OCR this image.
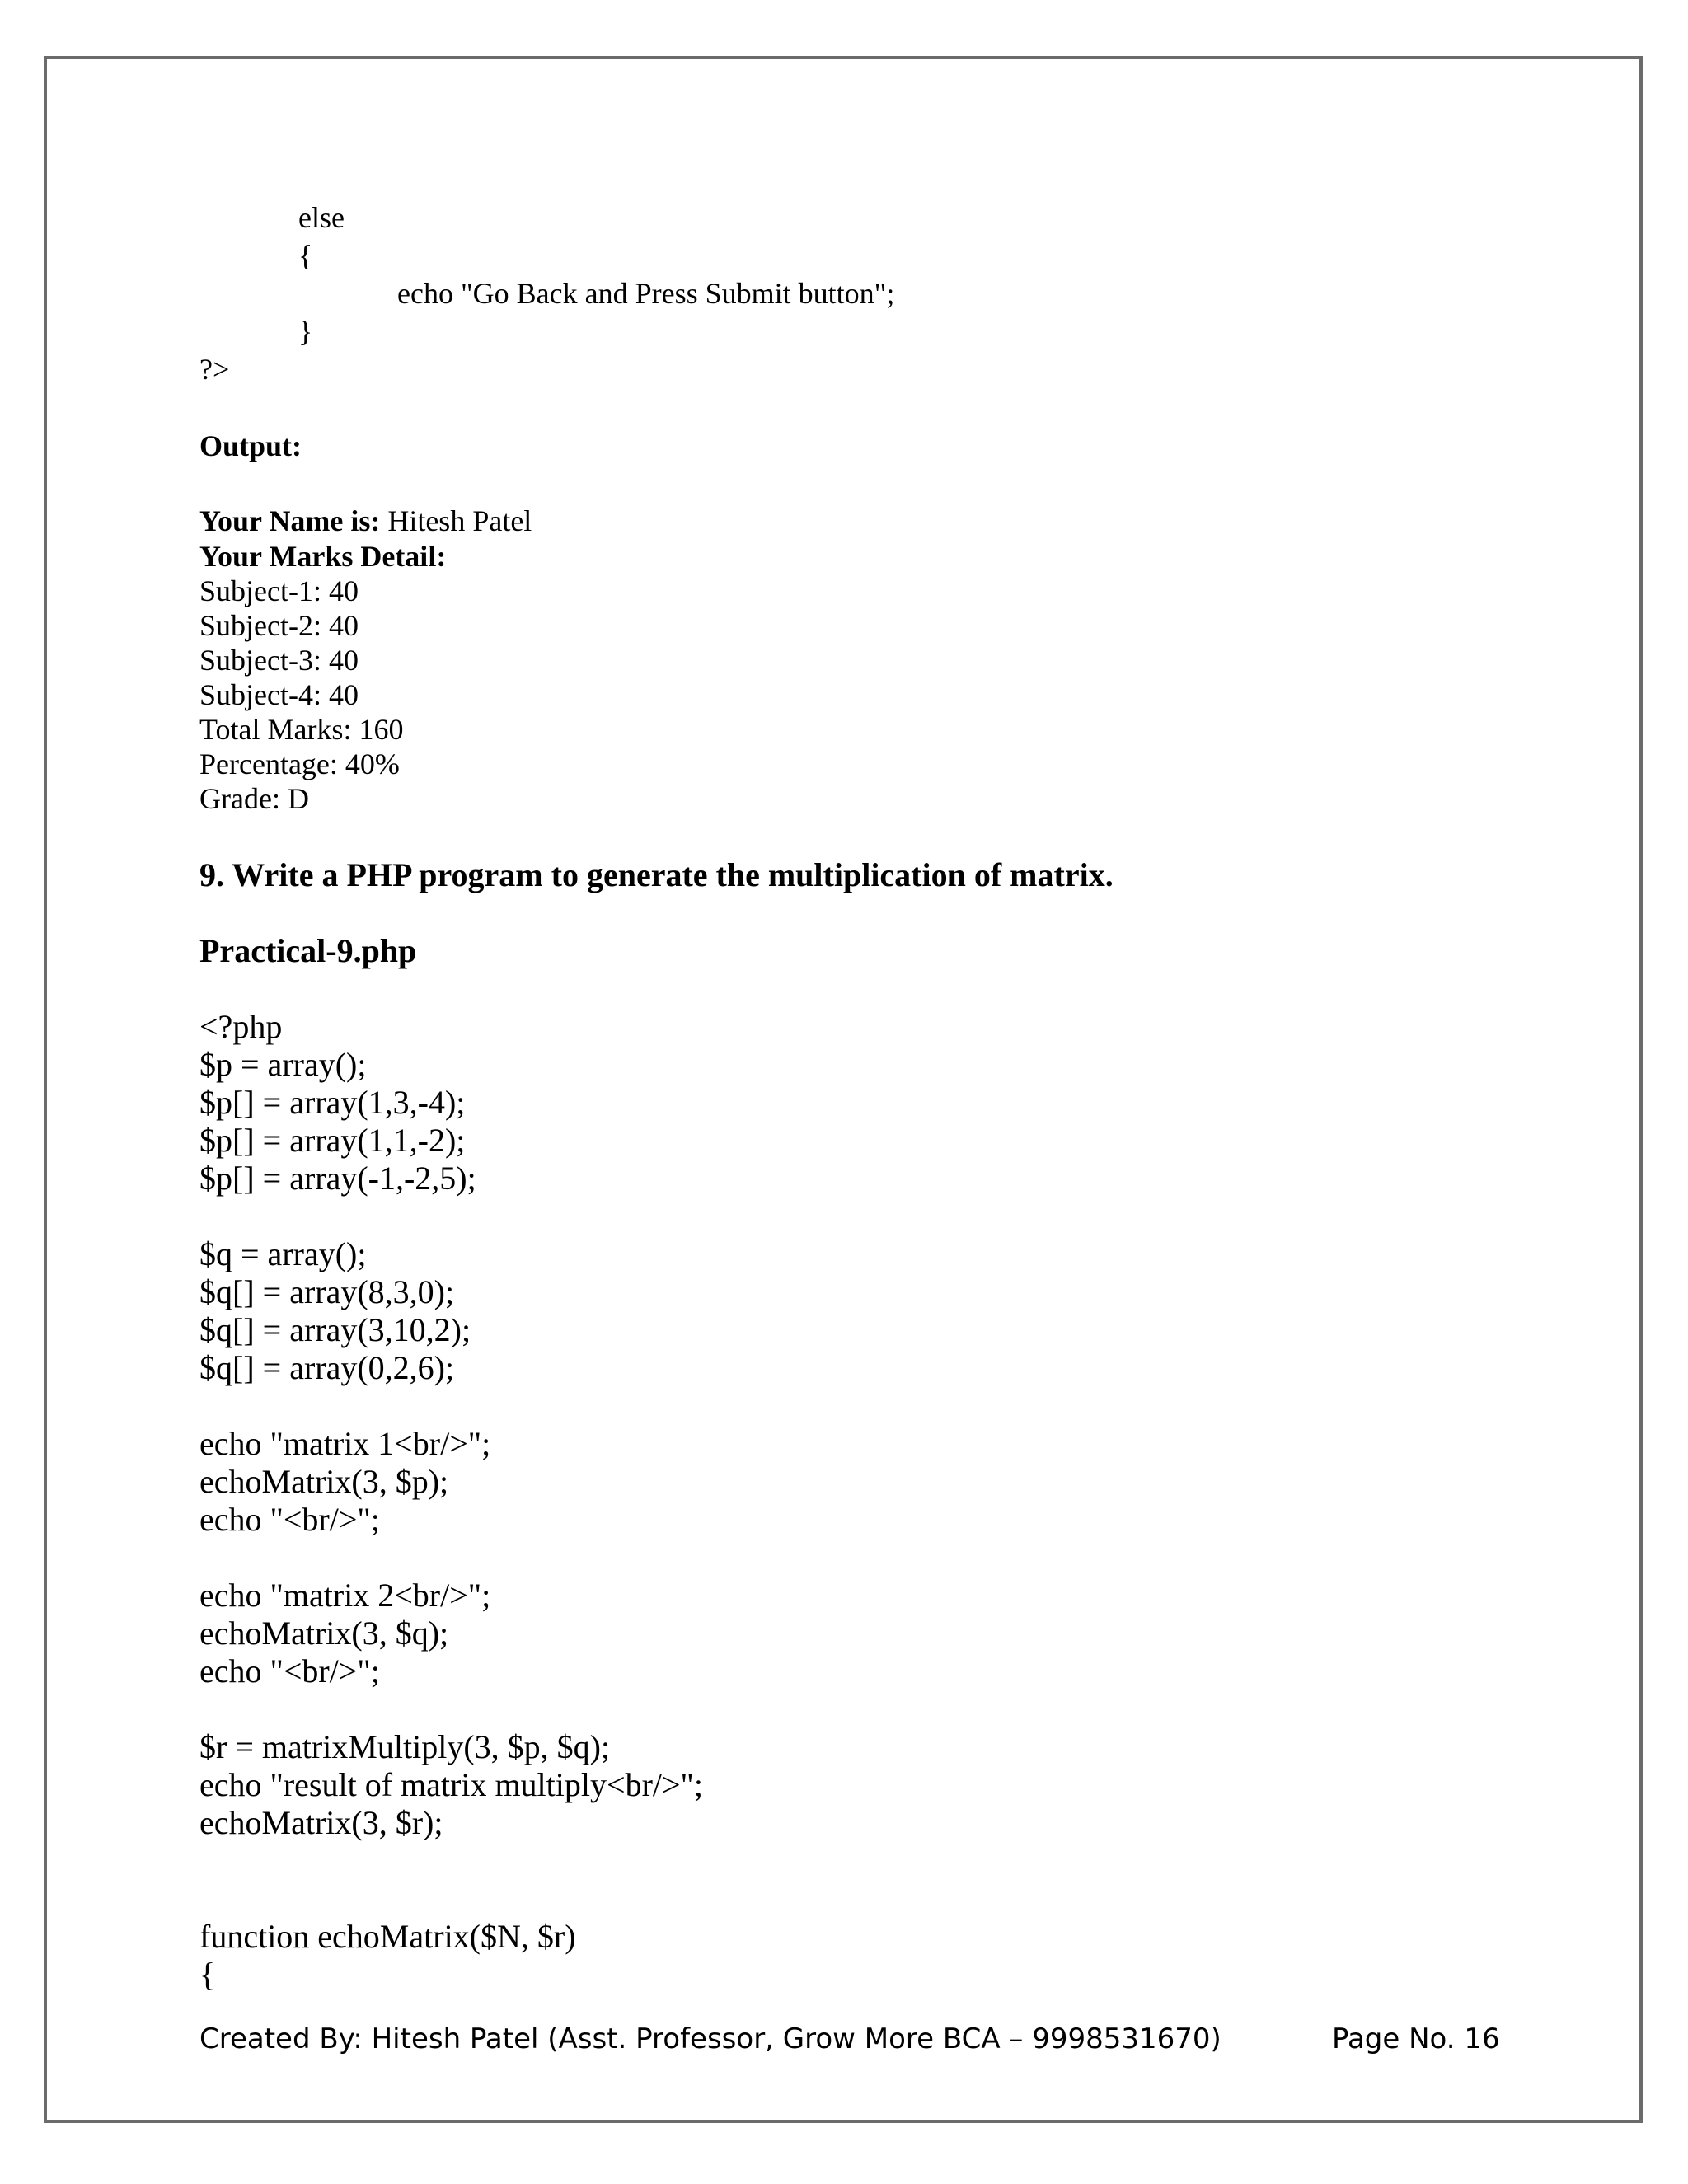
else
{
echo "Go Back and Press Submit button";
}
?>
Output:
Your Name is: Hitesh Patel
Your Marks Detail:
Subject-1: 40
Subject-2: 40
Subject-3: 40
Subject-4: 40
Total Marks: 160
Percentage: 40%
Grade: D
9. Write a PHP program to generate the multiplication of matrix.
Practical-9.php
<?php
$p = array();
$p[] = array(1,3,-4);
$p[] = array(1,1,-2);
$p[] = array(-1,-2,5);
$q = array();
$q[] = array(8,3,0);
$q[] = array(3,10,2);
$q[] = array(0,2,6);
echo "matrix 1<br/>";
echoMatrix(3, $p);
echo "<br/>";
echo "matrix 2<br/>";
echoMatrix(3, $q);
echo "<br/>";
$r = matrixMultiply(3, $p, $q);
echo "result of matrix multiply<br/>";
echoMatrix(3, $r);
function echoMatrix($N, $r)
{
Created By: Hitesh Patel (Asst. Professor, Grow More BCA – 9998531670)	Page No. 16
